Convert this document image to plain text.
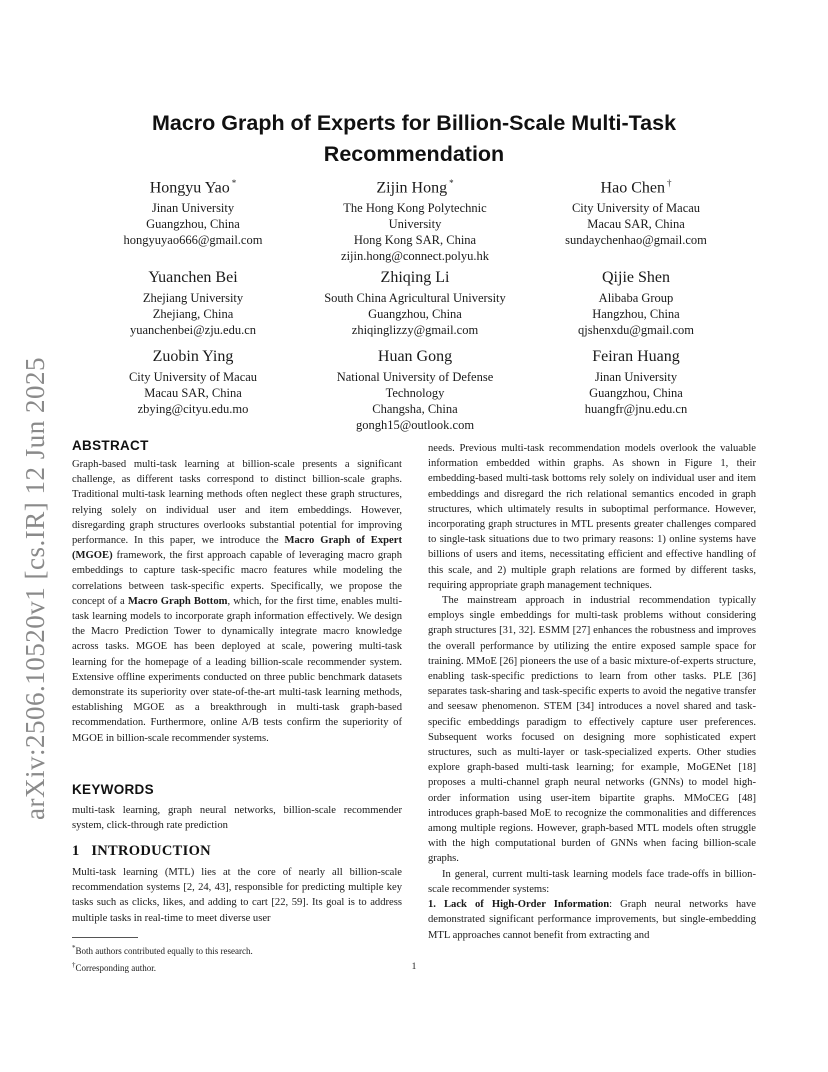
arXiv:2506.10520v1 [cs.IR] 12 Jun 2025
Macro Graph of Experts for Billion-Scale Multi-Task Recommendation
Hongyu Yao *
Jinan University
Guangzhou, China
hongyuyao666@gmail.com
Zijin Hong *
The Hong Kong Polytechnic
University
Hong Kong SAR, China
zijin.hong@connect.polyu.hk
Hao Chen †
City University of Macau
Macau SAR, China
sundaychenhao@gmail.com
Yuanchen Bei
Zhejiang University
Zhejiang, China
yuanchenbei@zju.edu.cn
Zhiqing Li
South China Agricultural University
Guangzhou, China
zhiqinglizzy@gmail.com
Qijie Shen
Alibaba Group
Hangzhou, China
qjshenxdu@gmail.com
Zuobin Ying
City University of Macau
Macau SAR, China
zbying@cityu.edu.mo
Huan Gong
National University of Defense
Technology
Changsha, China
gongh15@outlook.com
Feiran Huang
Jinan University
Guangzhou, China
huangfr@jnu.edu.cn
ABSTRACT

Graph-based multi-task learning at billion-scale presents a significant challenge, as different tasks correspond to distinct billion-scale graphs. Traditional multi-task learning methods often neglect these graph structures, relying solely on individual user and item embeddings. However, disregarding graph structures overlooks substantial potential for improving performance. In this paper, we introduce the Macro Graph of Expert (MGOE) framework, the first approach capable of leveraging macro graph embeddings to capture task-specific macro features while modeling the correlations between task-specific experts. Specifically, we propose the concept of a Macro Graph Bottom, which, for the first time, enables multi-task learning models to incorporate graph information effectively. We design the Macro Prediction Tower to dynamically integrate macro knowledge across tasks. MGOE has been deployed at scale, powering multi-task learning for the homepage of a leading billion-scale recommender system. Extensive offline experiments conducted on three public benchmark datasets demonstrate its superiority over state-of-the-art multi-task learning methods, establishing MGOE as a breakthrough in multi-task graph-based recommendation. Furthermore, online A/B tests confirm the superiority of MGOE in billion-scale recommender systems.

KEYWORDS
multi-task learning, graph neural networks, billion-scale recommender system, click-through rate prediction
1   INTRODUCTION
Multi-task learning (MTL) lies at the core of nearly all billion-scale recommendation systems [2, 24, 43], responsible for predicting multiple key tasks such as clicks, likes, and adding to cart [22, 59]. Its goal is to address multiple tasks in real-time to meet diverse user
*Both authors contributed equally to this research.
†Corresponding author.

needs. Previous multi-task recommendation models overlook the valuable information embedded within graphs. As shown in Figure 1, their embedding-based multi-task bottoms rely solely on individual user and item embeddings and disregard the rich relational semantics encoded in graph structures, which ultimately results in suboptimal performance. However, incorporating graph structures in MTL presents greater challenges compared to single-task situations due to two primary reasons: 1) online systems have billions of users and items, necessitating efficient and effective handling of this scale, and 2) multiple graph relations are formed by different tasks, requiring appropriate graph management techniques.

The mainstream approach in industrial recommendation typically employs single embeddings for multi-task problems without considering graph structures [31, 32]. ESMM [27] enhances the robustness and improves the overall performance by utilizing the entire exposed sample space for training. MMoE [26] pioneers the use of a basic mixture-of-experts structure, enabling task-specific predictions to learn from other tasks. PLE [36] separates task-sharing and task-specific experts to avoid the negative transfer and seesaw phenomenon. STEM [34] introduces a novel shared and task-specific embeddings paradigm to effectively capture user preferences. Subsequent works focused on designing more sophisticated expert structures, such as multi-layer or task-specialized experts. Other studies explore graph-based multi-task learning; for example, MoGENet [18] proposes a multi-channel graph neural networks (GNNs) to model high-order information using user-item bipartite graphs. MMoCEG [48] introduces graph-based MoE to recognize the commonalities and differences among multiple regions. However, graph-based MTL models often struggle with the high computational burden of GNNs when facing billion-scale graphs.

In general, current multi-task learning models face trade-offs in billion-scale recommender systems:

1. Lack of High-Order Information: Graph neural networks have demonstrated significant performance improvements, but single-embedding MTL approaches cannot benefit from extracting and

1
